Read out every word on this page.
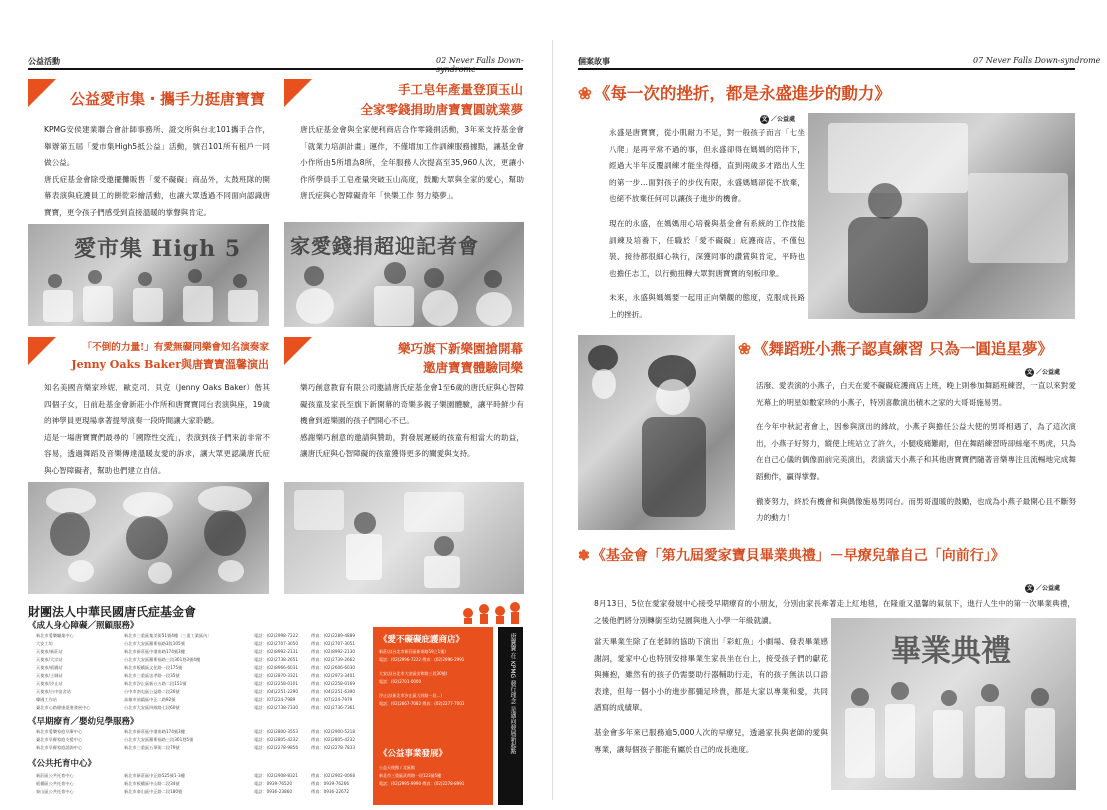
公益活動	02 Never Falls Down-
公益愛市集・攜手力挺唐寶寶
KPMG安侯建業聯合會計師事務所、證交所與台北101攜手合作，舉辦第五屆「愛市集High5抵公益」活動，號召101所有租戶一同做公益。
唐氏症基金會除受邀擺攤販售「愛不礙礙」商品外，太鼓班隊的開幕表演與庇護員工的餅乾彩繪活動，也讓大眾透過不同面向認識唐寶寶，更令孩子們感受到直接溫暖的掌聲與肯定。
愛市集 High 5
手工皂年產量登頂玉山
全家零錢捐助唐寶寶圓就業夢
唐氏症基金會與全家便利商店合作零錢捐活動，3年來支持基金會「就業力培訓計畫」運作，不僅增加工作訓練服務據點，讓基金會小作所由5所增為8所，全年服務人次提高至35,960人次，更讓小作所學員手工皂產量突破玉山高度，鼓勵大眾與全家的愛心，幫助唐氏症與心智障礙青年「快樂工作 努力築夢」。
家愛錢捐超迎記者會
「不倒的力量!」有愛無礙同樂會知名演奏家
Jenny Oaks Baker與唐寶寶溫馨演出
知名美國音樂家珍妮．歐克司．貝克（Jenny Oaks Baker）偕其四個子女，日前赴基金會新莊小作所和唐寶寶同台表演與座，19歲的神學員更現場拿著提琴演奏一段時間讓大家聆聽。
這是一場唐寶寶們最尋的「國際性交流」，表演到孩子們來訪非常不容易，透過舞蹈及音樂傳達溫暖友愛的訴求，讓大眾更認識唐氏症與心智障礙者，幫助也們建立自信。
樂巧旗下新樂園搶開幕
邀唐寶寶體驗同樂
樂巧創意教育有限公司邀請唐氏症基金會1至6歲的唐氏症與心智障礙孩童及家長至旗下新開幕的奇樂多親子樂園體驗，讓平時鮮少有機會到遊樂園的孩子們開心不已。
感謝樂巧創意的邀請與贊助，對發展遲緩的孩童有相當大的助益，讓唐氏症與心智障礙的孩童獲得更多的關愛與支持。
財團法人中華民國唐氏症基金會
《成人身心障礙／照顧服務》
新北市愛樂職業中心	新北市三重區集美街51號4樓〔三重工業區內〕	電話：(02)2998-7222	傳真：(02)2289-4889
大安工坊	台北市大安區羅斯福路3段105號	電話：(02)2707-3050	傳真：(02)2707-3051
天使家/新莊站	新北市新莊區中港南路174號3樓	電話：(02)8992-2131	傳真：(02)8992-2130
天使家/大宗站	台北市大安區羅斯福路三段301巷3號4樓	電話：(02)2738-2651	傳真：(02)2739-2662
天使家/板橋站	新北市板橋區文化路一段175號	電話：(02)8966-6031	傳真：(02)2606-6030
天使家/土城站	新北市三重區忠孝路一段35號	電話：(02)2870-3321	傳真：(02)2973-3401
天使家/汐止站	新北市汐止區新台五路二段151號	電話：(02)2258-0101	傳真：(02)2258-0169
天使家/台中宿舍站	台中市南屯區公益路二段26號	電話：(04)2251-2290	傳真：(04)2251-6390
韓國工作站	高雄市前鎮區中正二路92號	電話：(07)224-7989	傳真：(07)224-7979
臺北市心路健康促進發展中心	台北市大安區四維路七段60號	電話：(02)2738-7330	傳真：(02)2736-7361
《早期療育／嬰幼兒學服務》
新北市愛樂家庭早療中心	新北市新莊區中港南路174號3樓	電話：(02)2800-3553	傳真：(02)2900-5218
臺北市早療家庭支援中心	台北市大安區羅斯福路三段301巷5號	電話：(02)2805-4232	傳真：(02)2805-4232
新北市早療家庭諮詢中心	新北市三重區五華街二段79號	電話：(02)2278-9856	傳真：(02)2278-7833
《公共托育中心》
新莊區公共托育中心	新北市新莊區中正路525號1-3樓	電話：(02)2908-8321	傳真：(02)2902-0068
板橋區公共托育中心	新北市板橋區中山路二段34號	電話：0939-76520	傳真：0939-76266
泰山區公共托育中心	新北市泰山區中正路二段180號	電話：0936-23860	傳真：0936-22672
《愛不礙礙庇護商店》
新莊店(台北市新莊區新泰路59之1號)
電話：(02)2996-7222 傳真：(02)2996-2991
大安店(台北市大安區安和路三段30號)
電話：(02)2701-0000
汐止店(新北市汐止區大同路一段...)
電話：(02)2667-7082 傳真：(02)2277-7003
《公益事業發展》
公益天使館 / 北區館
新北市三重區武荷路一段123號5樓
電話：(02)2995-9990 傳真：(02)2278-8991
唐寶寶 在 KPMG 發行理念 是邁向發展新起點
個案故事	07 Never Falls Down-syndrome
❀ 《每一次的挫折，都是永盛進步的動力》
文 ／公益處
永盛是唐寶寶，從小肌耐力不足，對一般孩子而言「七坐八爬」是再平常不過的事，但永盛卻得在媽媽的陪伴下，經過大半年反覆訓練才能坐得穩，直到兩歲多才踏出人生的第一步…面對孩子的步伐有限，永盛媽媽卻從不放棄，也絕不放棄任何可以讓孩子進步的機會。
現在的永盛，在媽媽用心培養與基金會有系統的工作技能訓練及培養下，任職於「愛不礙礙」庇護商店，不僅包裝、接待都很細心執行，深獲同事的讚賞與肯定，平時也也擔任志工，以行動扭轉大眾對唐寶寶的刻板印象。
未來，永盛與媽媽要一起用正向樂觀的態度，克服成長路上的挫折。
❀ 《舞蹈班小燕子認真練習 只為一圓追星夢》
文 ／公益處
活潑、愛表演的小燕子，白天在愛不礙礙庇護商店上班，晚上則參加舞蹈班練習，一直以來對愛光幕上的明星如數家珍的小燕子，特別喜歡演出積木之家的大哥哥施易男。
在今年中秋記者會上，因參與演出的緣故，小燕子與擔任公益大使的男哥相遇了，為了這次演出，小燕子好努力，縱使上班站立了許久，小腿痠痛難耐，但在舞蹈練習時卻絲毫不馬虎，只為在自己心儀的偶像面前完美演出，表演當天小燕子和其他唐寶寶們隨著音樂專注且流暢地完成舞蹈動作，贏得掌聲。
徹麥努力，終於有機會和與偶像施易男同台。而男哥溫暖的鼓勵，也成為小燕子最開心且不斷努力的動力！
✽ 《基金會「第九屆愛家寶貝畢業典禮」－早療兒靠自己「向前行」》
文 ／公益處
8月13日，5位在愛家發展中心接受早期療育的小朋友，分別由家長牽著走上紅地毯，在隆重又溫馨的氣氛下，進行人生中的第一次畢業典禮，之後他們將分別轉銜至幼兒園與進入小學一年級就讀。
當天畢業生除了在老師的協助下演出「彩虹魚」小劇場、發表畢業感謝詞，愛家中心也特別安排畢業生家長坐在台上，接受孩子們的獻花與擁抱，雖然有的孩子仍需要助行器輔助行走，有的孩子無法以口語表達，但每一個小小的進步都彌足珍貴，都是大家以專業和愛，共同譜寫的成績單。
基金會多年來已服務逾5,000人次的早療兒，透過家長與老師的愛與專業，讓每個孩子都能有屬於自己的成長進度。
畢業典禮
